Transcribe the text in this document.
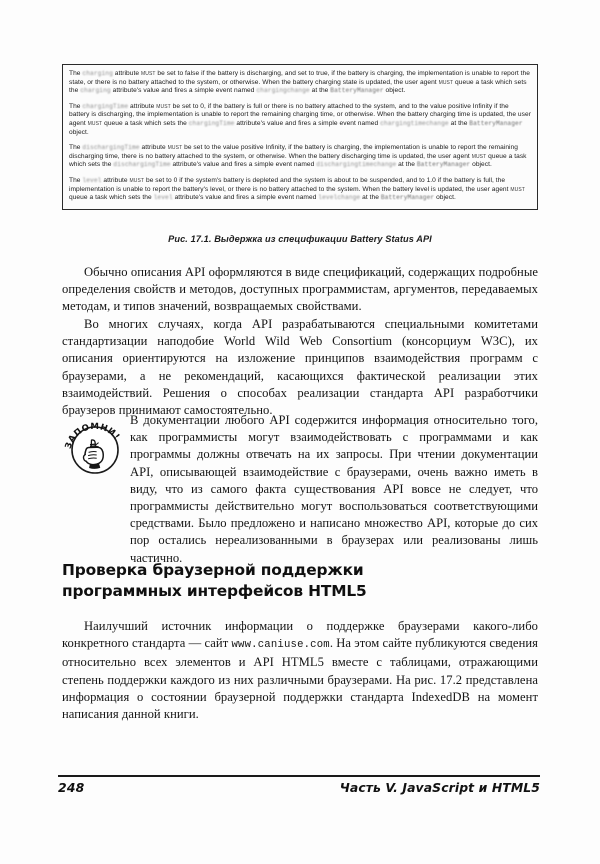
The charging attribute must be set to false if the battery is discharging, and set to true, if the battery is charging, the implementation is unable to report the state, or there is no battery attached to the system, or otherwise. When the battery charging state is updated, the user agent must queue a task which sets the charging attribute's value and fires a simple event named chargingchange at the BatteryManager object.

The chargingTime attribute must be set to 0, if the battery is full or there is no battery attached to the system, and to the value positive Infinity if the battery is discharging, the implementation is unable to report the remaining charging time, or otherwise. When the battery charging time is updated, the user agent must queue a task which sets the chargingTime attribute's value and fires a simple event named chargingtimechange at the BatteryManager object.

The dischargingTime attribute must be set to the value positive Infinity, if the battery is charging, the implementation is unable to report the remaining discharging time, there is no battery attached to the system, or otherwise. When the battery discharging time is updated, the user agent must queue a task which sets the dischargingTime attribute's value and fires a simple event named dischargingtimechange at the BatteryManager object.

The level attribute must be set to 0 if the system's battery is depleted and the system is about to be suspended, and to 1.0 if the battery is full, the implementation is unable to report the battery's level, or there is no battery attached to the system. When the battery level is updated, the user agent must queue a task which sets the level attribute's value and fires a simple event named levelchange at the BatteryManager object.

Рис. 17.1. Выдержка из спецификации Battery Status API

Обычно описания API оформляются в виде спецификаций, содержащих подробные определения свойств и методов, доступных программистам, аргументов, передаваемых методам, и типов значений, возвращаемых свойствами.

Во многих случаях, когда API разрабатываются специальными комитетами стандартизации наподобие World Wild Web Consortium (консорциум W3C), их описания ориентируются на изложение принципов взаимодействия программ с браузерами, а не рекомендаций, касающихся фактической реализации этих взаимодействий. Решения о способах реализации стандарта API разработчики браузеров принимают самостоятельно.

ЗАПОМНИ!

В документации любого API содержится информация относительно того, как программисты могут взаимодействовать с программами и как программы должны отвечать на их запросы. При чтении документации API, описывающей взаимодействие с браузерами, очень важно иметь в виду, что из самого факта существования API вовсе не следует, что программисты действительно могут воспользоваться соответствующими средствами. Было предложено и написано множество API, которые до сих пор остались нереализованными в браузерах или реализованы лишь частично.

Проверка браузерной поддержки
программных интерфейсов HTML5

Наилучший источник информации о поддержке браузерами какого-либо конкретного стандарта — сайт www.caniuse.com. На этом сайте публикуются сведения относительно всех элементов и API HTML5 вместе с таблицами, отражающими степень поддержки каждого из них различными браузерами. На рис. 17.2 представлена информация о состоянии браузерной поддержки стандарта IndexedDB на момент написания данной книги.

248	Часть V. JavaScript и HTML5
